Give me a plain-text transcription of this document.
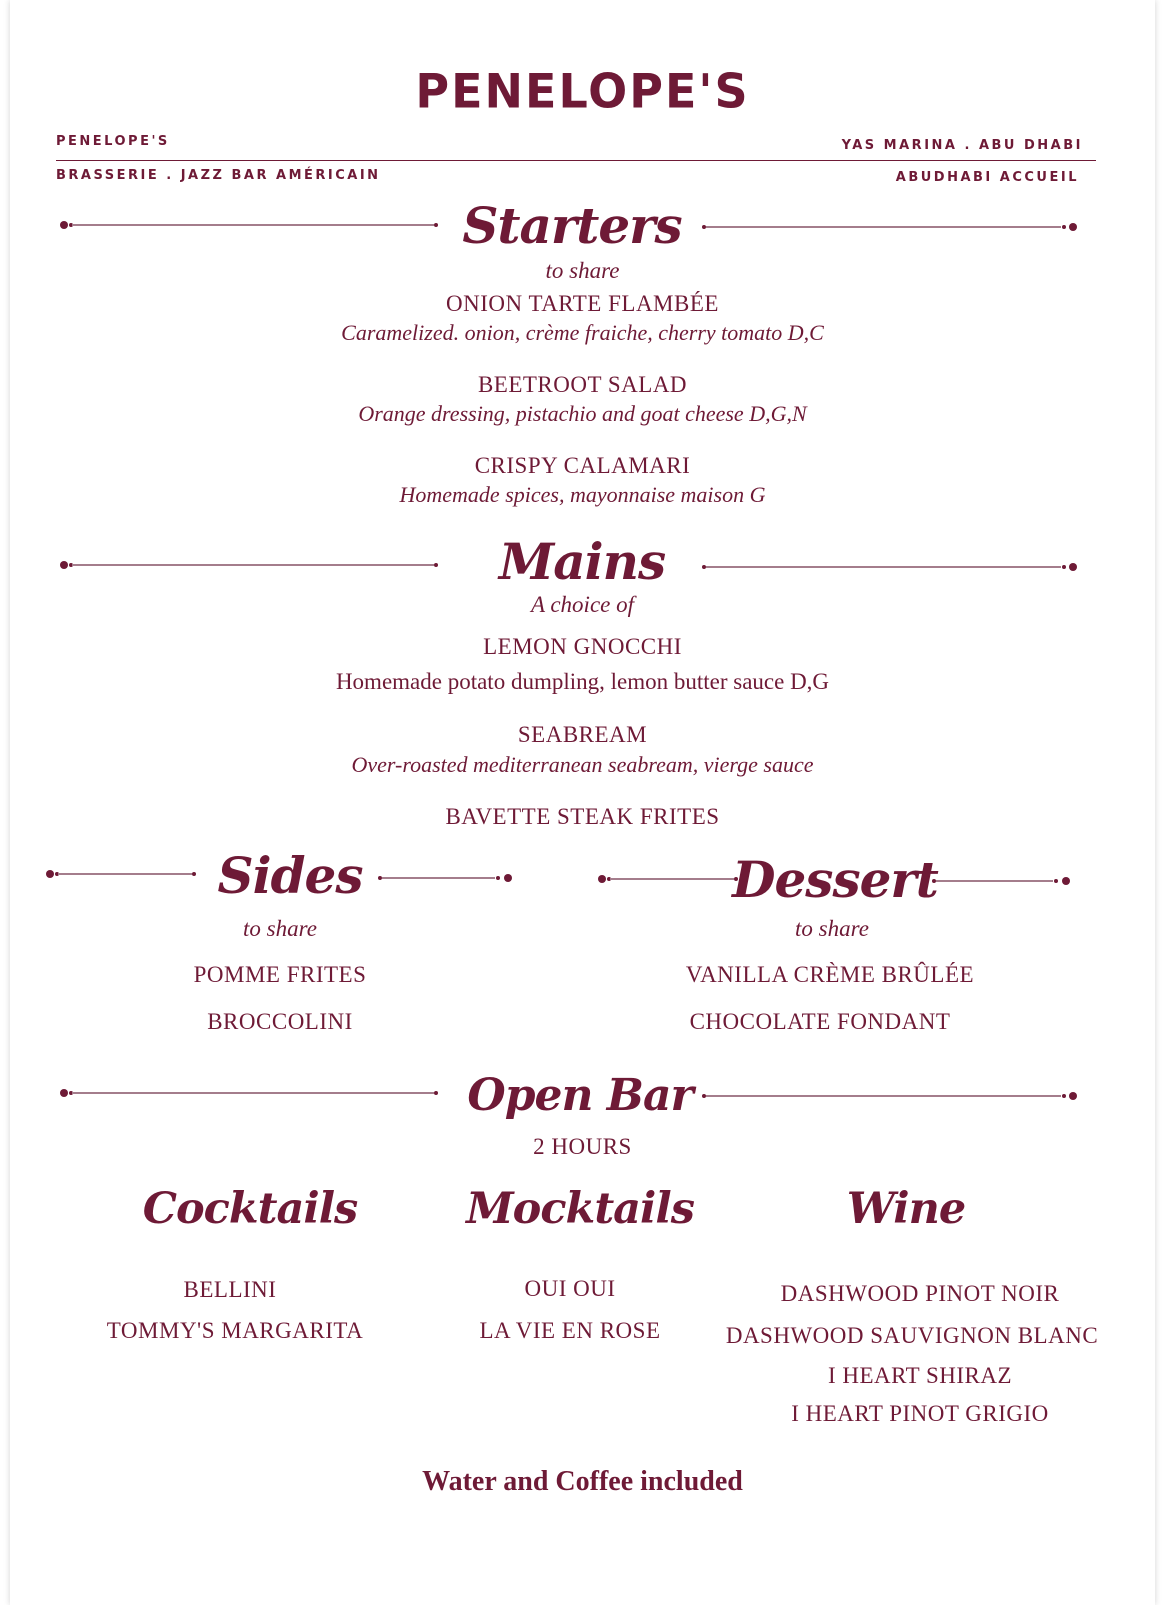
PENELOPE'S
PENELOPE'S	YAS MARINA . ABU DHABI
BRASSERIE . JAZZ BAR AMÉRICAIN	ABUDHABI ACCUEIL
Starters
to share
ONION TARTE FLAMBÉE
Caramelized. onion, crème fraiche, cherry tomato D,C
BEETROOT SALAD
Orange dressing, pistachio and goat cheese D,G,N
CRISPY CALAMARI
Homemade spices, mayonnaise maison G
Mains
A choice of
LEMON GNOCCHI
Homemade potato dumpling, lemon butter sauce D,G
SEABREAM
Over-roasted mediterranean seabream, vierge sauce
BAVETTE STEAK FRITES
Sides
to share
POMME FRITES
BROCCOLINI
Dessert
to share
VANILLA CRÈME BRÛLÉE
CHOCOLATE FONDANT
Open Bar
2 HOURS
Cocktails	Mocktails	Wine
BELLINI
TOMMY'S MARGARITA
OUI OUI
LA VIE EN ROSE
DASHWOOD PINOT NOIR
DASHWOOD SAUVIGNON BLANC
I HEART SHIRAZ
I HEART PINOT GRIGIO
Water and Coffee included
